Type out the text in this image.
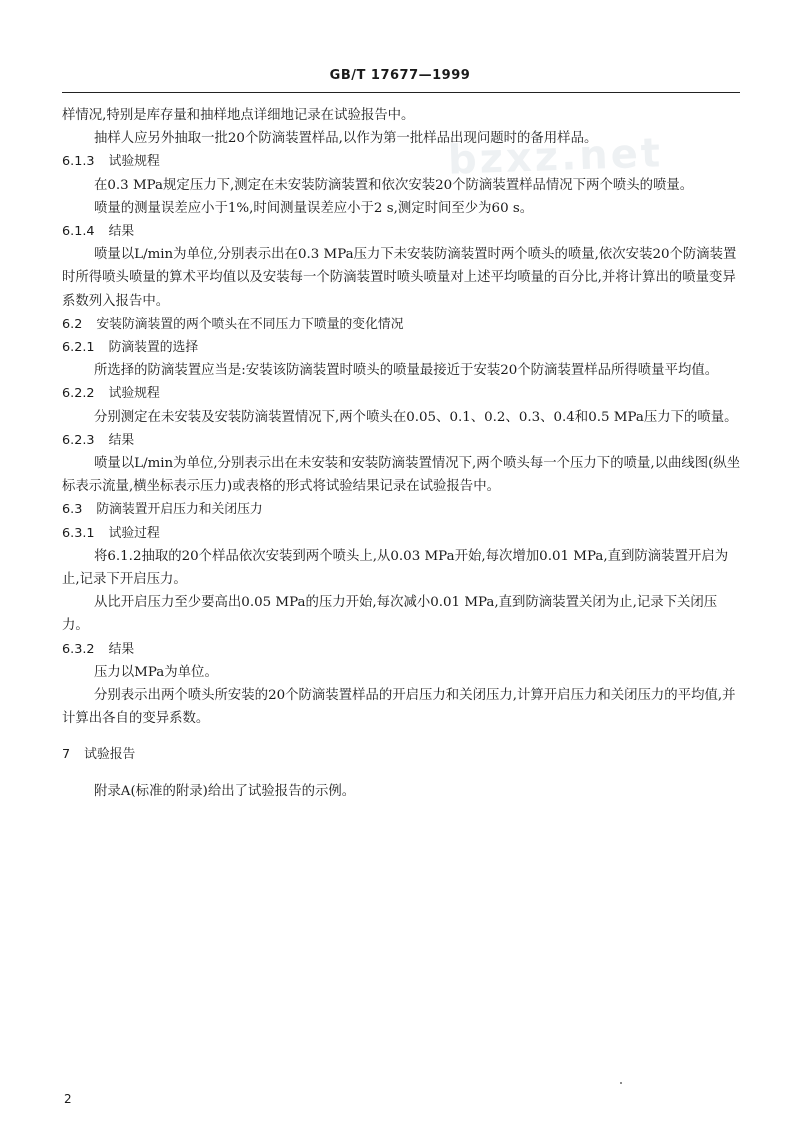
GB/T 17677—1999
bzxz.net

样情况,特别是库存量和抽样地点详细地记录在试验报告中。

抽样人应另外抽取一批20个防滴装置样品,以作为第一批样品出现问题时的备用样品。

6.1.3 试验规程

在0.3 MPa规定压力下,测定在未安装防滴装置和依次安装20个防滴装置样品情况下两个喷头的喷量。

喷量的测量误差应小于1%,时间测量误差应小于2 s,测定时间至少为60 s。

6.1.4 结果

喷量以L/min为单位,分别表示出在0.3 MPa压力下未安装防滴装置时两个喷头的喷量,依次安装20个防滴装置时所得喷头喷量的算术平均值以及安装每一个防滴装置时喷头喷量对上述平均喷量的百分比,并将计算出的喷量变异系数列入报告中。

6.2 安装防滴装置的两个喷头在不同压力下喷量的变化情况

6.2.1 防滴装置的选择

所选择的防滴装置应当是:安装该防滴装置时喷头的喷量最接近于安装20个防滴装置样品所得喷量平均值。

6.2.2 试验规程

分别测定在未安装及安装防滴装置情况下,两个喷头在0.05、0.1、0.2、0.3、0.4和0.5 MPa压力下的喷量。

6.2.3 结果

喷量以L/min为单位,分别表示出在未安装和安装防滴装置情况下,两个喷头每一个压力下的喷量,以曲线图(纵坐标表示流量,横坐标表示压力)或表格的形式将试验结果记录在试验报告中。

6.3 防滴装置开启压力和关闭压力

6.3.1 试验过程

将6.1.2抽取的20个样品依次安装到两个喷头上,从0.03 MPa开始,每次增加0.01 MPa,直到防滴装置开启为止,记录下开启压力。

从比开启压力至少要高出0.05 MPa的压力开始,每次减小0.01 MPa,直到防滴装置关闭为止,记录下关闭压力。

6.3.2 结果

压力以MPa为单位。

分别表示出两个喷头所安装的20个防滴装置样品的开启压力和关闭压力,计算开启压力和关闭压力的平均值,并计算出各自的变异系数。

7 试验报告

附录A(标准的附录)给出了试验报告的示例。

2
